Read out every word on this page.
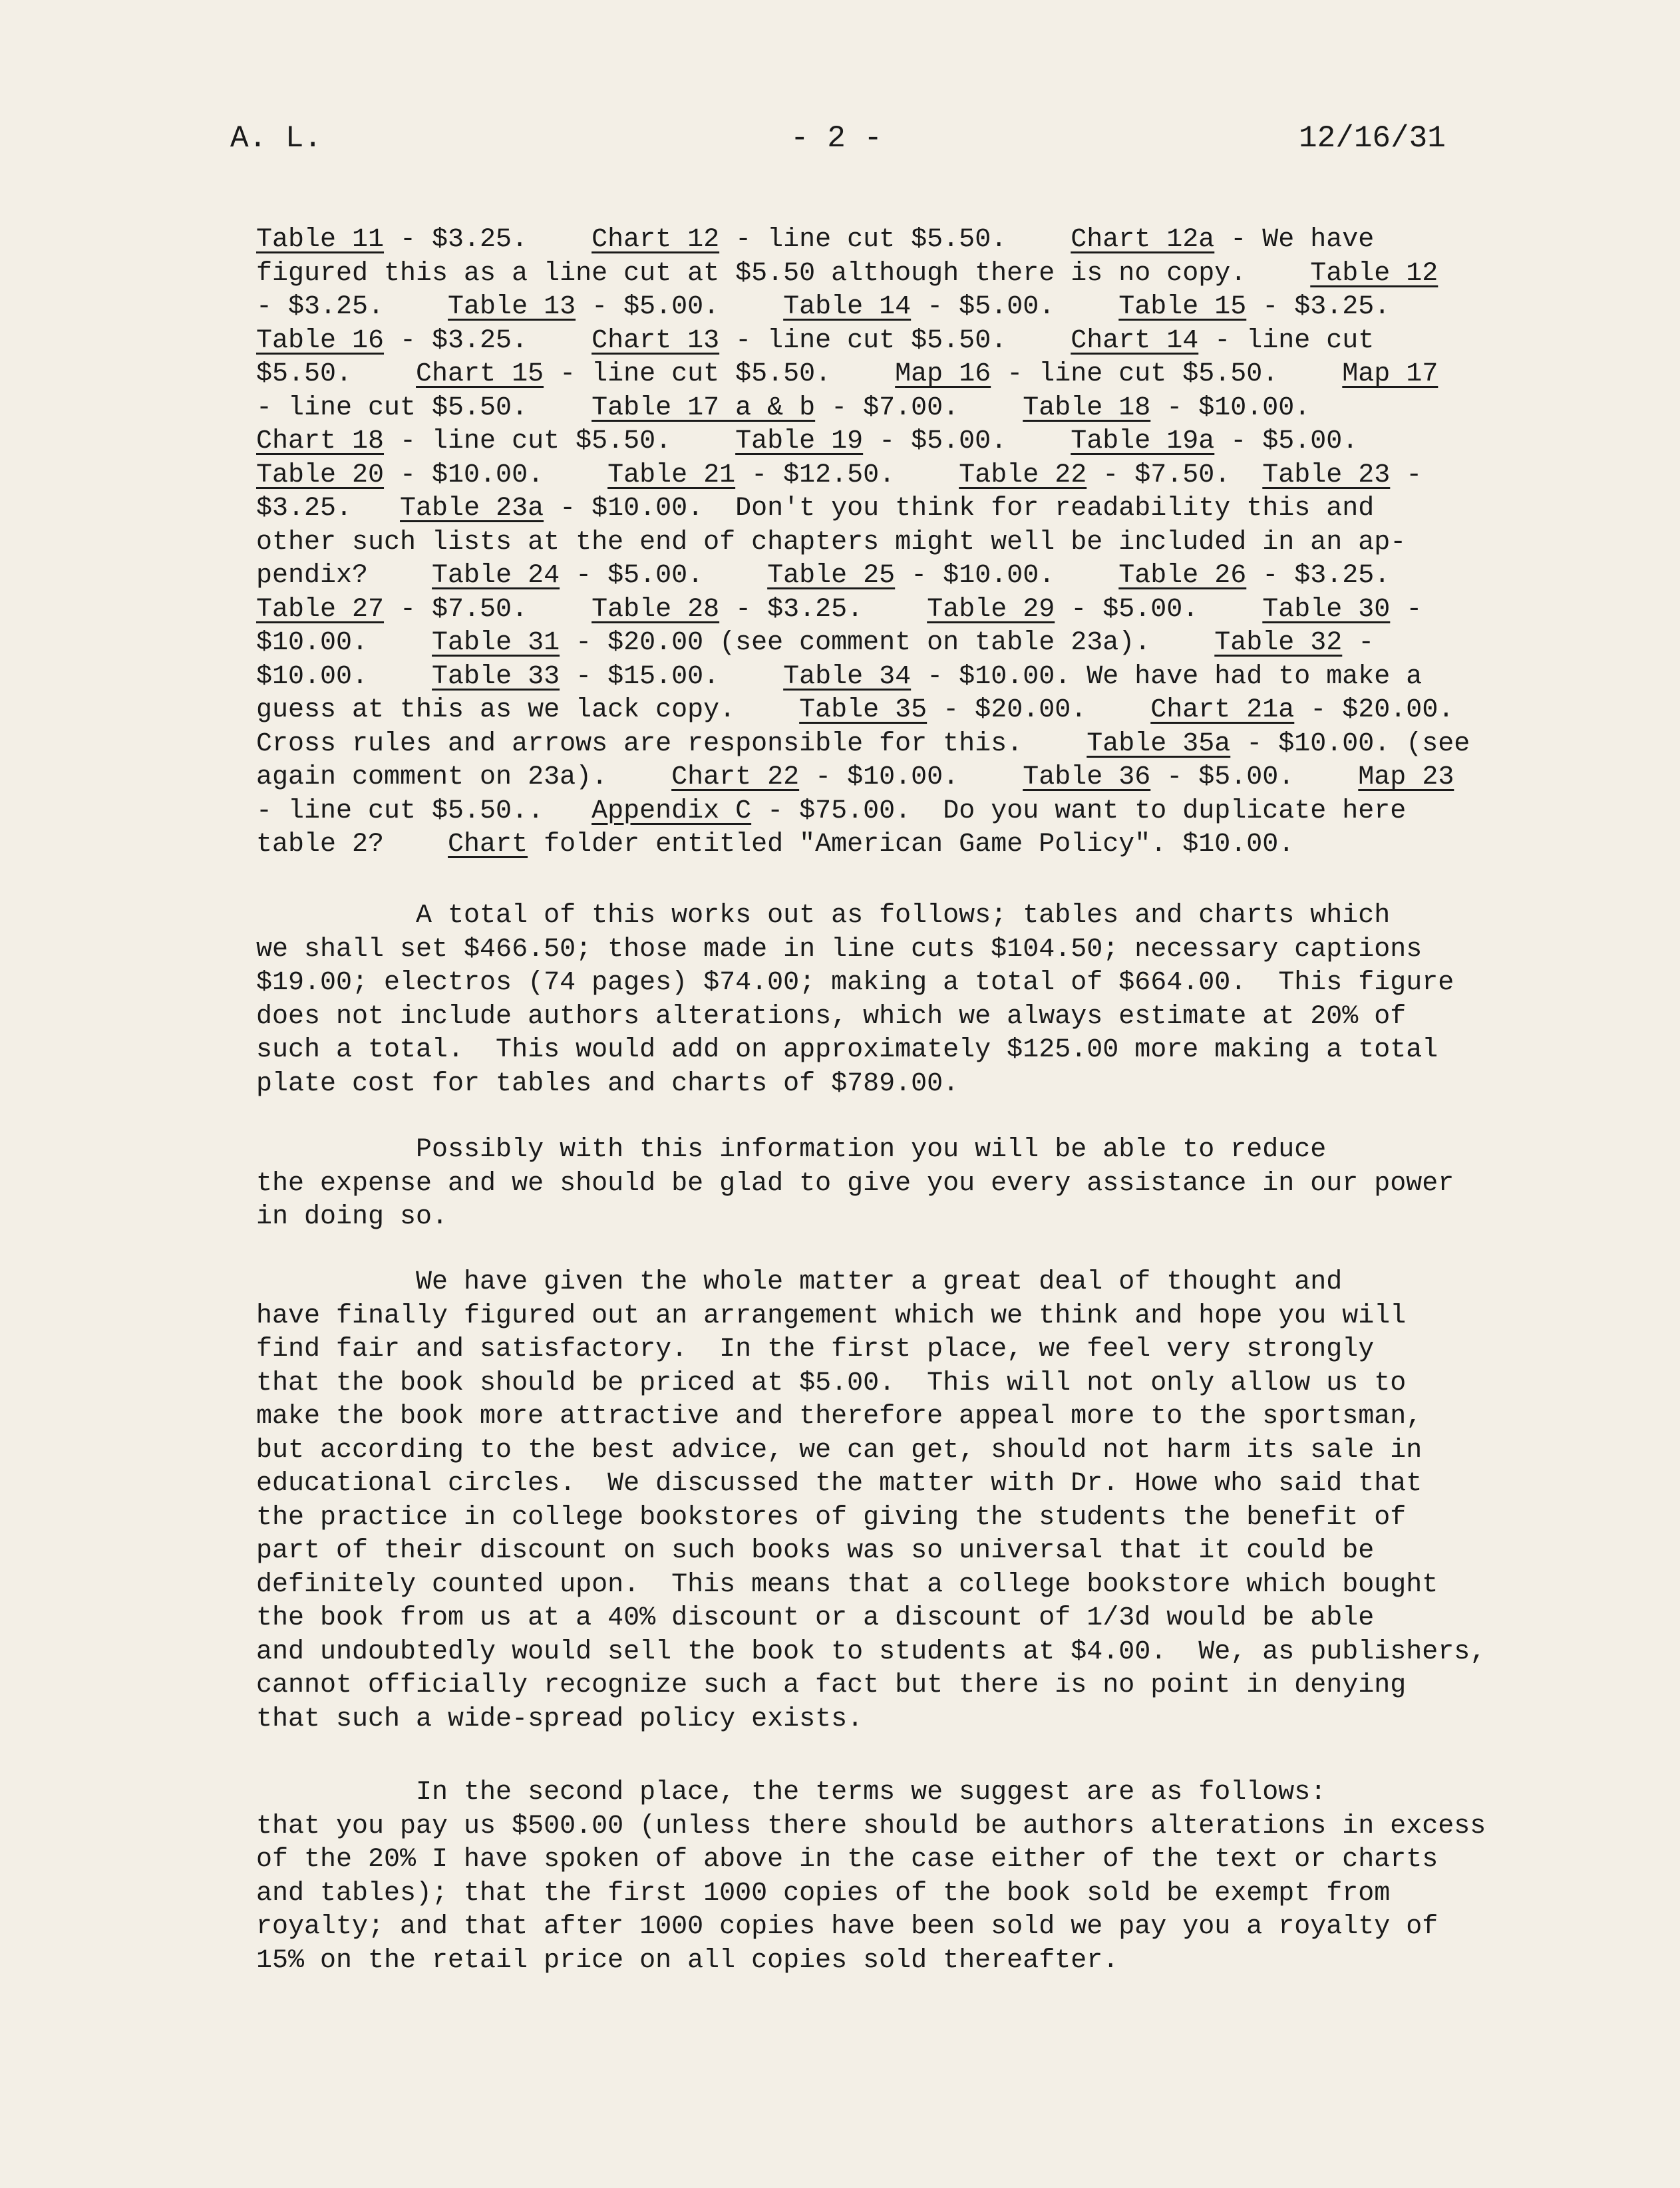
A. L.	- 2 -	12/16/31
Table 11 - $3.25.    Chart 12 - line cut $5.50.    Chart 12a - We have
figured this as a line cut at $5.50 although there is no copy.    Table 12
- $3.25.    Table 13 - $5.00.    Table 14 - $5.00.    Table 15 - $3.25.
Table 16 - $3.25.    Chart 13 - line cut $5.50.    Chart 14 - line cut
$5.50.    Chart 15 - line cut $5.50.    Map 16 - line cut $5.50.    Map 17
- line cut $5.50.    Table 17 a & b - $7.00.    Table 18 - $10.00.
Chart 18 - line cut $5.50.    Table 19 - $5.00.    Table 19a - $5.00.
Table 20 - $10.00.    Table 21 - $12.50.    Table 22 - $7.50.  Table 23 -
$3.25.   Table 23a - $10.00.  Don't you think for readability this and
other such lists at the end of chapters might well be included in an ap-
pendix?    Table 24 - $5.00.    Table 25 - $10.00.    Table 26 - $3.25.
Table 27 - $7.50.    Table 28 - $3.25.    Table 29 - $5.00.    Table 30 -
$10.00.    Table 31 - $20.00 (see comment on table 23a).    Table 32 -
$10.00.    Table 33 - $15.00.    Table 34 - $10.00. We have had to make a
guess at this as we lack copy.    Table 35 - $20.00.    Chart 21a - $20.00.
Cross rules and arrows are responsible for this.    Table 35a - $10.00. (see
again comment on 23a).    Chart 22 - $10.00.    Table 36 - $5.00.    Map 23
- line cut $5.50..   Appendix C - $75.00.  Do you want to duplicate here
table 2?    Chart folder entitled "American Game Policy". $10.00.
A total of this works out as follows; tables and charts which
we shall set $466.50; those made in line cuts $104.50; necessary captions
$19.00; electros (74 pages) $74.00; making a total of $664.00.  This figure
does not include authors alterations, which we always estimate at 20% of
such a total.  This would add on approximately $125.00 more making a total
plate cost for tables and charts of $789.00.
Possibly with this information you will be able to reduce
the expense and we should be glad to give you every assistance in our power
in doing so.
We have given the whole matter a great deal of thought and
have finally figured out an arrangement which we think and hope you will
find fair and satisfactory.  In the first place, we feel very strongly
that the book should be priced at $5.00.  This will not only allow us to
make the book more attractive and therefore appeal more to the sportsman,
but according to the best advice, we can get, should not harm its sale in
educational circles.  We discussed the matter with Dr. Howe who said that
the practice in college bookstores of giving the students the benefit of
part of their discount on such books was so universal that it could be
definitely counted upon.  This means that a college bookstore which bought
the book from us at a 40% discount or a discount of 1/3d would be able
and undoubtedly would sell the book to students at $4.00.  We, as publishers,
cannot officially recognize such a fact but there is no point in denying
that such a wide-spread policy exists.
In the second place, the terms we suggest are as follows:
that you pay us $500.00 (unless there should be authors alterations in excess
of the 20% I have spoken of above in the case either of the text or charts
and tables); that the first 1000 copies of the book sold be exempt from
royalty; and that after 1000 copies have been sold we pay you a royalty of
15% on the retail price on all copies sold thereafter.
